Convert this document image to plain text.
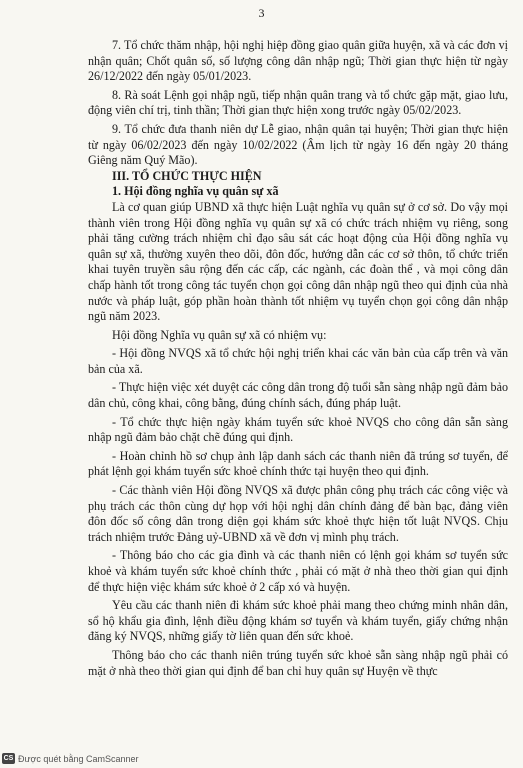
3

7. Tổ chức thăm nhập, hội nghị hiệp đồng giao quân giữa huyện, xã và các đơn vị nhận quân; Chốt quân số, số lượng công dân nhập ngũ; Thời gian thực hiện từ ngày 26/12/2022 đến ngày 05/01/2023.

8. Rà soát Lệnh gọi nhập ngũ, tiếp nhận quân trang và tổ chức gặp mặt, giao lưu, động viên chí trị, tinh thần; Thời gian thực hiện xong trước ngày 05/02/2023.

9. Tổ chức đưa thanh niên dự Lễ giao, nhận quân tại huyện; Thời gian thực hiện từ ngày 06/02/2023 đến ngày 10/02/2022 (Âm lịch từ ngày 16 đến ngày 20 tháng Giêng năm Quý Mão).

III. TỔ CHỨC THỰC HIỆN

1. Hội đồng nghĩa vụ quân sự xã

Là cơ quan giúp UBND xã thực hiện Luật nghĩa vụ quân sự ở cơ sở. Do vậy mọi thành viên trong Hội đồng nghĩa vụ quân sự xã có chức trách nhiệm vụ riêng, song phải tăng cường trách nhiệm chỉ đạo sâu sát các hoạt động của Hội đồng nghĩa vụ quân sự xã, thường xuyên theo dõi, đôn đốc, hướng dẫn các cơ sở thôn, tổ chức triển khai tuyên truyền sâu rộng đến các cấp, các ngành, các đoàn thể , và mọi công dân chấp hành tốt trong công tác tuyển chọn gọi công dân nhập ngũ theo qui định của nhà nước và pháp luật, góp phần hoàn thành tốt nhiệm vụ tuyển chọn gọi công dân nhập ngũ năm 2023.

Hội đồng Nghĩa vụ quân sự xã có nhiệm vụ:

- Hội đồng NVQS xã tổ chức hội nghị triển khai các văn bản của cấp trên và văn bản của xã.

- Thực hiện việc xét duyệt các công dân trong độ tuổi sẵn sàng nhập ngũ đảm bảo dân chủ, công khai, công bằng, đúng chính sách, đúng pháp luật.

- Tổ chức thực hiện ngày khám tuyển sức khoẻ NVQS cho công dân sẵn sàng nhập ngũ đảm bảo chặt chẽ đúng qui định.

- Hoàn chỉnh hồ sơ chụp ảnh lập danh sách các thanh niên đã trúng sơ tuyển, để phát lệnh gọi khám tuyển sức khoẻ chính thức tại huyện theo qui định.

- Các thành viên Hội đồng NVQS xã được phân công phụ trách các công việc và phụ trách các thôn cùng dự họp với hội nghị dân chính đảng để bàn bạc, đảng viên đôn đốc số công dân trong diện gọi khám sức khoẻ thực hiện tốt luật NVQS. Chịu trách nhiệm trước Đảng uỷ-UBND xã về đơn vị mình phụ trách.

- Thông báo cho các gia đình và các thanh niên có lệnh gọi khám sơ tuyển sức khoẻ và khám tuyển sức khoẻ chính thức , phải có mặt ở nhà theo thời gian qui định để thực hiện việc khám sức khoẻ ở 2 cấp xó và huyện.

Yêu cầu các thanh niên đi khám sức khoẻ phải mang theo chứng minh nhân dân, sổ hộ khẩu gia đình, lệnh điều động khám sơ tuyển và khám tuyển, giấy chứng nhận đăng ký NVQS, những giấy tờ liên quan đến sức khoẻ.

Thông báo cho các thanh niên trúng tuyển sức khoẻ sẵn sàng nhập ngũ phải có mặt ở nhà theo thời gian qui định để ban chỉ huy quân sự Huyện về thực

CS Được quét bằng CamScanner
